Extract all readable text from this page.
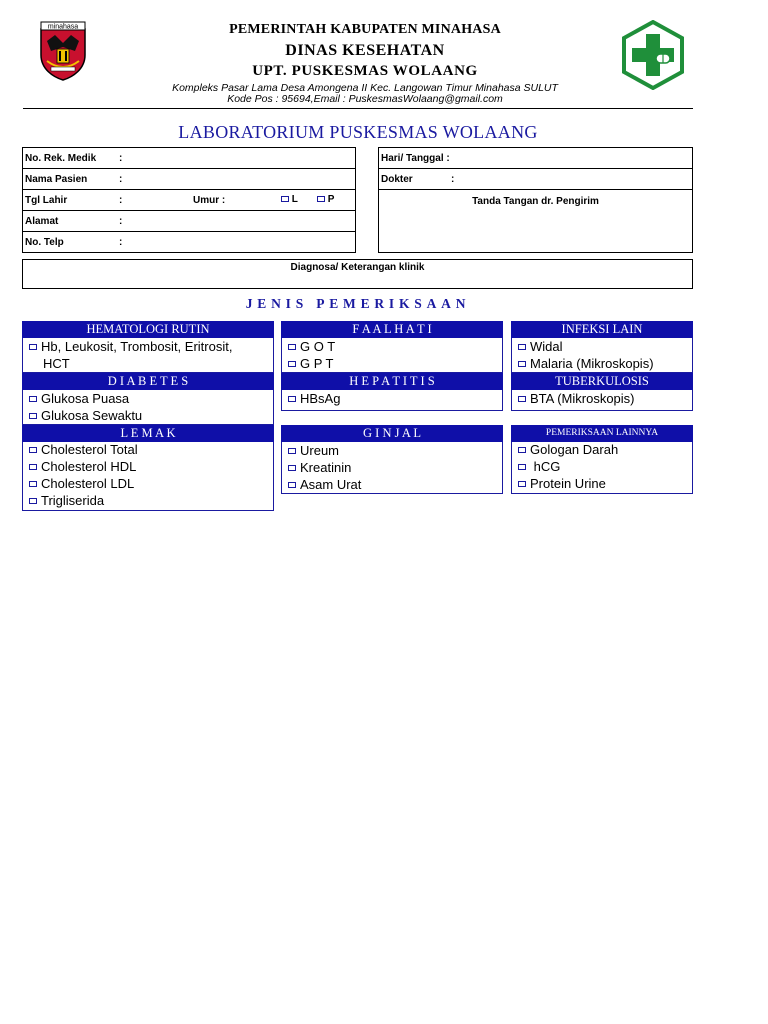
minahasa	PEMERINTAH KABUPATEN MINAHASA
DINAS KESEHATAN
UPT. PUSKESMAS WOLAANG
Kompleks Pasar Lama Desa Amongena II Kec. Langowan Timur Minahasa SULUT
Kode Pos : 95694,Email : PuskesmasWolaang@gmail.com
LABORATORIUM PUSKESMAS WOLAANG
No. Rek. Medik :
Nama Pasien	:
Tgl Lahir	:	Umur :	L	P
Alamat	:
No. Telp	:
Hari/ Tanggal :
Dokter	:
Tanda Tangan dr. Pengirim
Diagnosa/ Keterangan klinik
JENIS PEMERIKSAAN
HEMATOLOGI RUTIN
Hb, Leukosit, Trombosit, Eritrosit,
HCT
D I A B E T E S
Glukosa Puasa
Glukosa Sewaktu
L E M A K
Cholesterol Total
Cholesterol HDL
Cholesterol LDL
Trigliserida
F A A L H A T I
G O T
G P T
H E P A T I T I S
HBsAg
G I N J A L
Ureum
Kreatinin
Asam Urat
INFEKSI LAIN
Widal
Malaria (Mikroskopis)
TUBERKULOSIS
BTA (Mikroskopis)
PEMERIKSAAN LAINNYA
Gologan Darah
hCG
Protein Urine
